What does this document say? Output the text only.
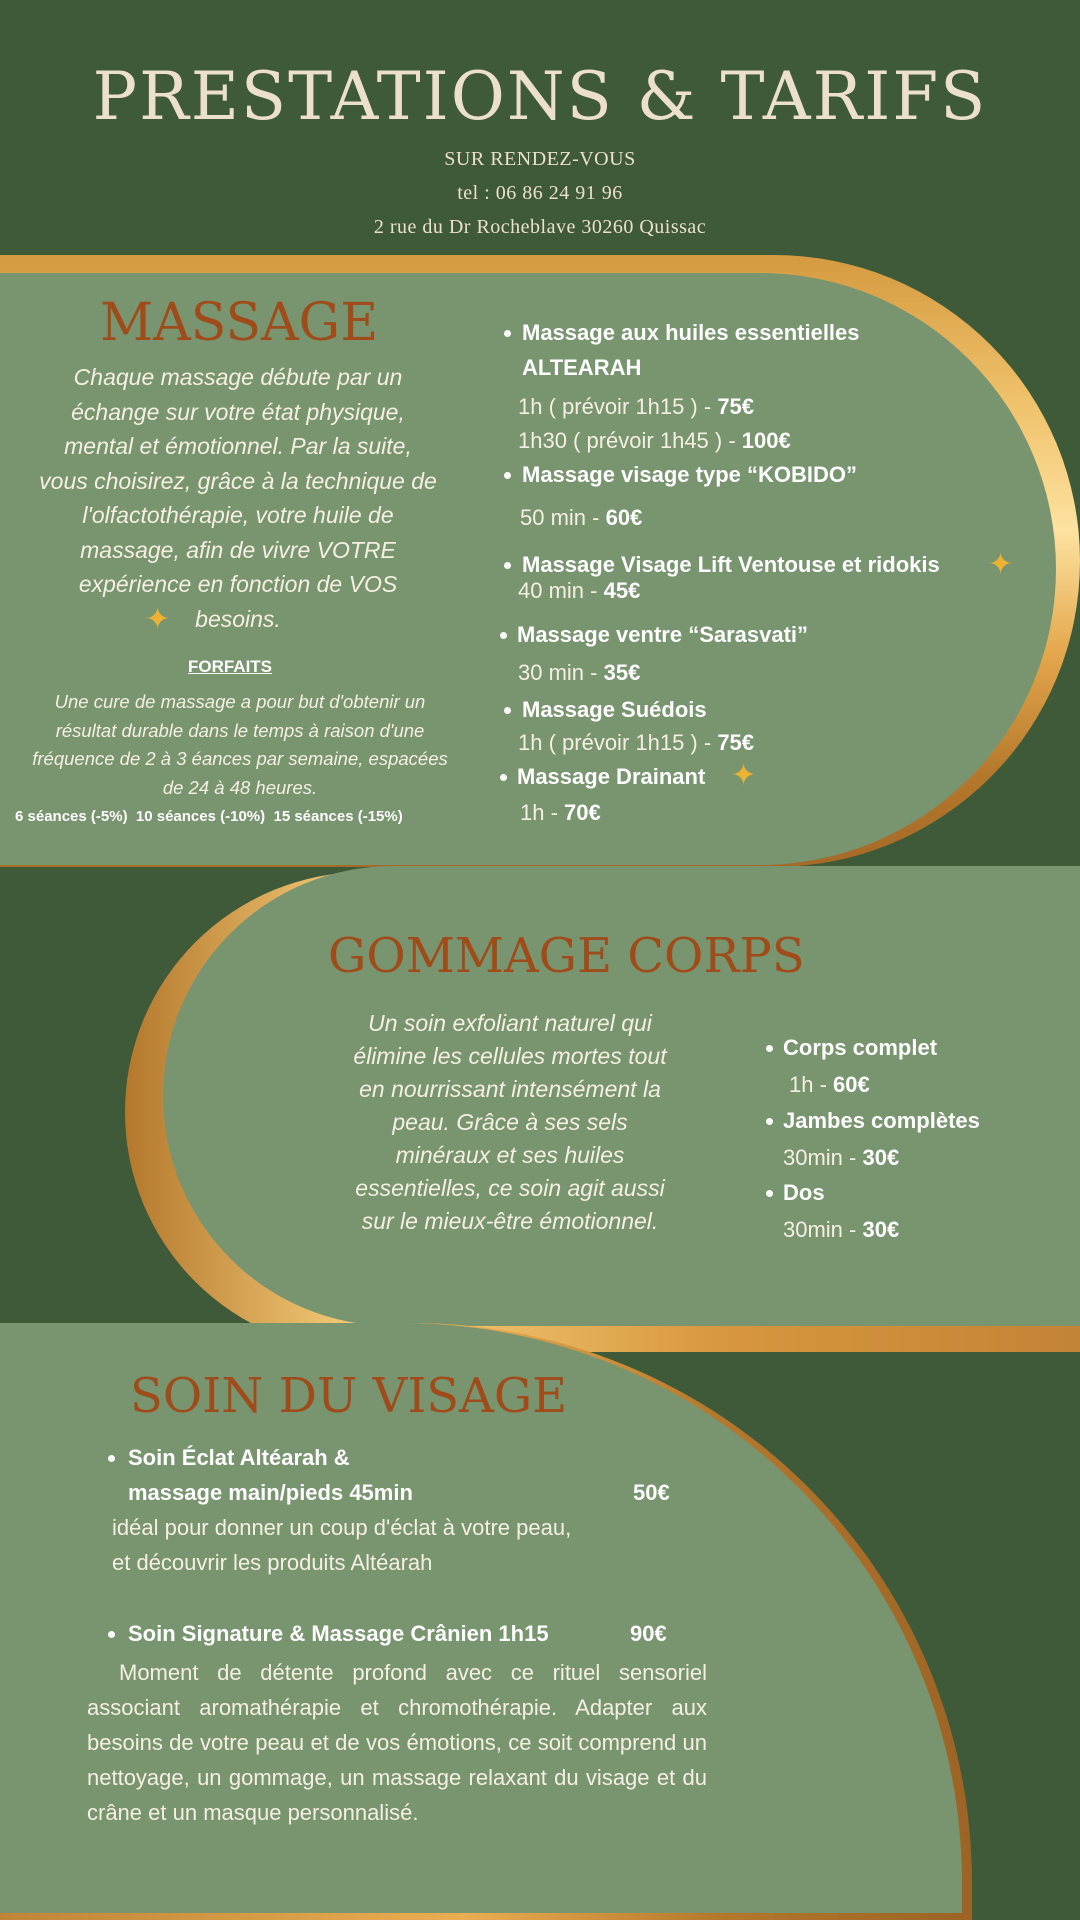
PRESTATIONS & TARIFS
SUR RENDEZ-VOUS
tel : 06 86 24 91 96
2 rue du Dr Rocheblave 30260 Quissac
MASSAGE
Chaque massage débute par un échange sur votre état physique, mental et émotionnel. Par la suite, vous choisirez, grâce à la technique de l'olfactothérapie, votre huile de massage, afin de vivre VOTRE expérience en fonction de VOS besoins.
✦
FORFAITS
Une cure de massage a pour but d'obtenir un résultat durable dans le temps à raison d'une fréquence de 2 à 3 éances par semaine, espacées de 24 à 48 heures.
6 séances (-5%)  10 séances (-10%)  15 séances (-15%)
Massage aux huiles essentielles
ALTEARAH
1h ( prévoir 1h15 ) - 75€
1h30 ( prévoir 1h45 ) - 100€
Massage visage type “KOBIDO”
50 min - 60€
Massage Visage Lift Ventouse et ridokis ✦
40 min - 45€
Massage ventre “Sarasvati”
30 min - 35€
Massage Suédois
1h ( prévoir 1h15 ) - 75€
Massage Drainant ✦
1h - 70€
GOMMAGE CORPS
Un soin exfoliant naturel qui élimine les cellules mortes tout en nourrissant intensément la peau. Grâce à ses sels minéraux et ses huiles essentielles, ce soin agit aussi sur le mieux-être émotionnel.
Corps complet
1h - 60€
Jambes complètes
30min - 30€
Dos
30min - 30€
SOIN DU VISAGE
Soin Éclat Altéarah &
massage main/pieds 45min	50€
idéal pour donner un coup d'éclat à votre peau,
et découvrir les produits Altéarah
Soin Signature & Massage Crânien 1h15	90€
Moment de détente profond avec ce rituel sensoriel associant aromathérapie et chromothérapie. Adapter aux besoins de votre peau et de vos émotions, ce soit comprend un nettoyage, un gommage, un massage relaxant du visage et du crâne et un masque personnalisé.
